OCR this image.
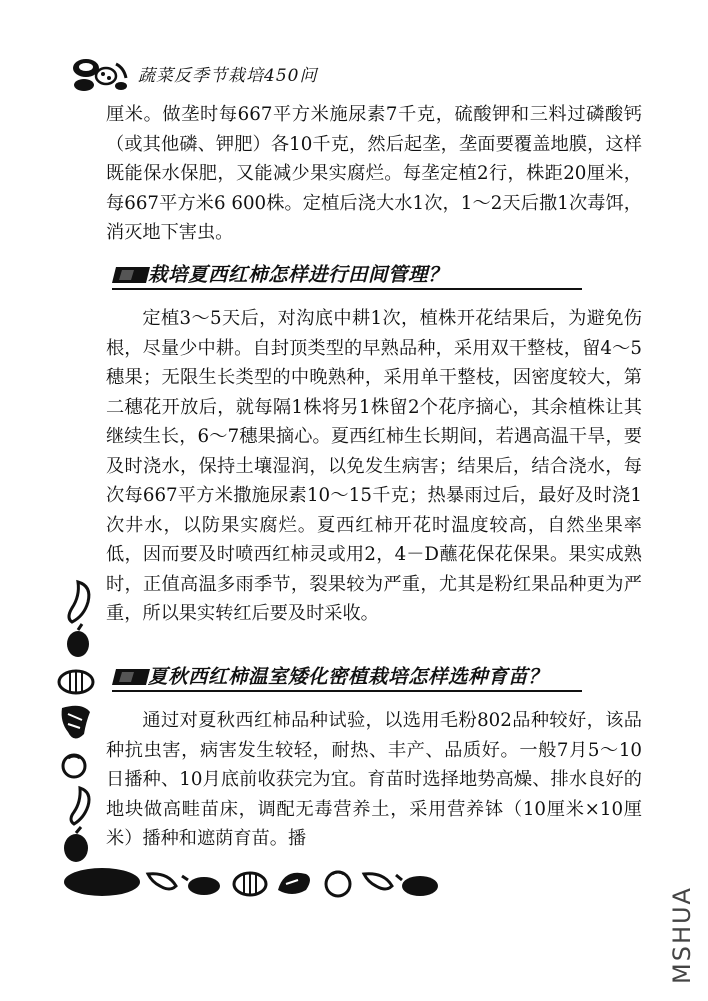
蔬菜反季节栽培450问

厘米。做垄时每667平方米施尿素7千克，硫酸钾和三料过磷酸钙（或其他磷、钾肥）各10千克，然后起垄，垄面要覆盖地膜，这样既能保水保肥，又能减少果实腐烂。每垄定植2行，株距20厘米，每667平方米6 600株。定植后浇大水1次，1～2天后撒1次毒饵，消灭地下害虫。

栽培夏西红柿怎样进行田间管理？

定植3～5天后，对沟底中耕1次，植株开花结果后，为避免伤根，尽量少中耕。自封顶类型的早熟品种，采用双干整枝，留4～5穗果；无限生长类型的中晚熟种，采用单干整枝，因密度较大，第二穗花开放后，就每隔1株将另1株留2个花序摘心，其余植株让其继续生长，6～7穗果摘心。夏西红柿生长期间，若遇高温干旱，要及时浇水，保持土壤湿润，以免发生病害；结果后，结合浇水，每次每667平方米撒施尿素10～15千克；热暴雨过后，最好及时浇1次井水，以防果实腐烂。夏西红柿开花时温度较高，自然坐果率低，因而要及时喷西红柿灵或用2，4－D蘸花保花保果。果实成熟时，正值高温多雨季节，裂果较为严重，尤其是粉红果品种更为严重，所以果实转红后要及时采收。

夏秋西红柿温室矮化密植栽培怎样选种育苗？

通过对夏秋西红柿品种试验，以选用毛粉802品种较好，该品种抗虫害，病害发生较轻，耐热、丰产、品质好。一般7月5～10日播种、10月底前收获完为宜。育苗时选择地势高燥、排水良好的地块做高畦苗床，调配无毒营养土，采用营养钵（10厘米×10厘米）播种和遮荫育苗。播

MSHUA
